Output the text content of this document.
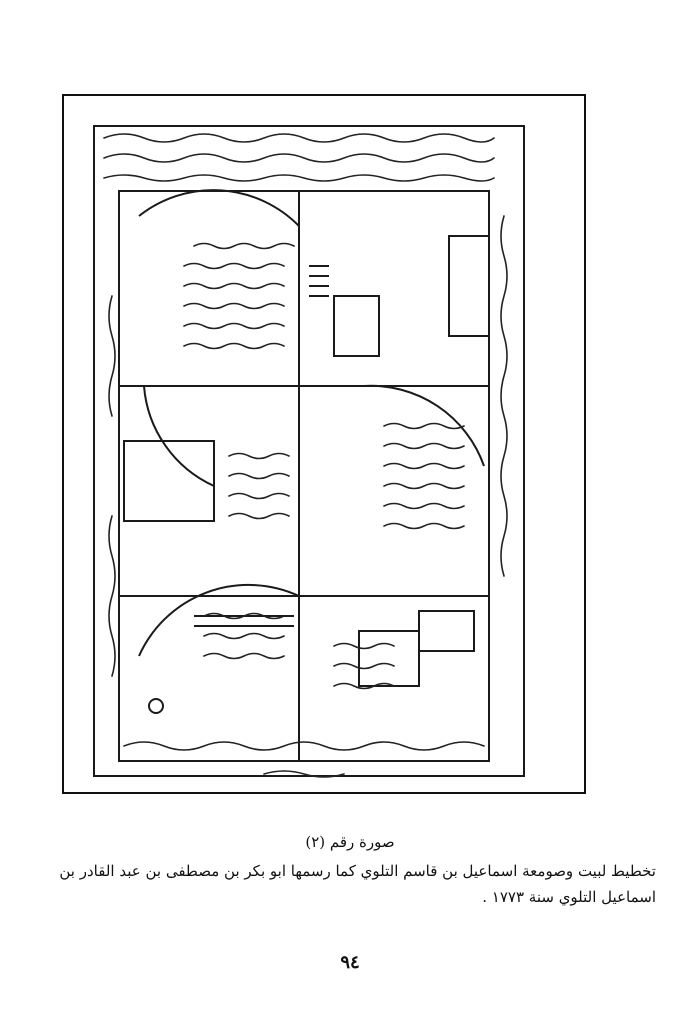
صورة رقم (٢)
تخطيط لبيت وصومعة اسماعيل بن قاسم التلوي كما رسمها ابو بكر بن مصطفى بن عبد القادر بن اسماعيل التلوي سنة ١٧٧٣ .
٩٤
